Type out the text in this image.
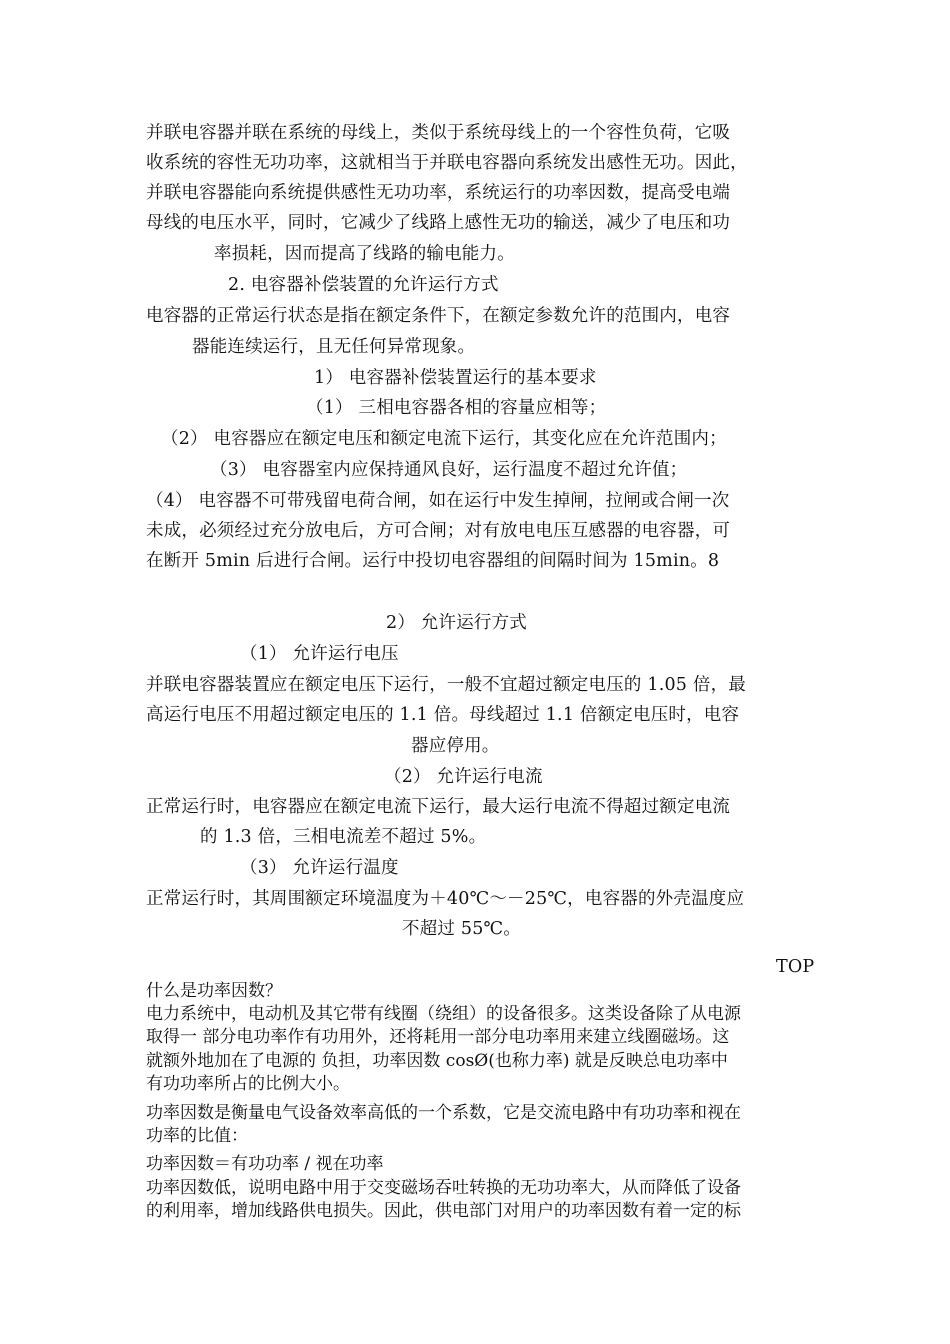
并联电容器并联在系统的母线上，类似于系统母线上的一个容性负荷，它吸
收系统的容性无功功率，这就相当于并联电容器向系统发出感性无功。因此，
并联电容器能向系统提供感性无功功率，系统运行的功率因数，提高受电端
母线的电压水平，同时，它减少了线路上感性无功的输送，减少了电压和功
率损耗，因而提高了线路的输电能力。
2. 电容器补偿装置的允许运行方式
电容器的正常运行状态是指在额定条件下，在额定参数允许的范围内，电容
器能连续运行，且无任何异常现象。
1） 电容器补偿装置运行的基本要求
（1） 三相电容器各相的容量应相等；
（2） 电容器应在额定电压和额定电流下运行，其变化应在允许范围内；
（3） 电容器室内应保持通风良好，运行温度不超过允许值；
（4） 电容器不可带残留电荷合闸，如在运行中发生掉闸，拉闸或合闸一次
未成，必须经过充分放电后，方可合闸；对有放电电压互感器的电容器，可
在断开 5min 后进行合闸。运行中投切电容器组的间隔时间为 15min。8
2） 允许运行方式
（1） 允许运行电压
并联电容器装置应在额定电压下运行，一般不宜超过额定电压的 1.05 倍，最
高运行电压不用超过额定电压的 1.1 倍。母线超过 1.1 倍额定电压时，电容
器应停用。
（2） 允许运行电流
正常运行时，电容器应在额定电流下运行，最大运行电流不得超过额定电流
的 1.3 倍，三相电流差不超过 5%。
（3） 允许运行温度
正常运行时，其周围额定环境温度为＋40℃～－25℃，电容器的外壳温度应
不超过 55℃。
TOP
什么是功率因数？
电力系统中，电动机及其它带有线圈（绕组）的设备很多。这类设备除了从电源
取得一 部分电功率作有功用外，还将耗用一部分电功率用来建立线圈磁场。这
就额外地加在了电源的 负担，功率因数 cosØ(也称力率) 就是反映总电功率中
有功功率所占的比例大小。
功率因数是衡量电气设备效率高低的一个系数，它是交流电路中有功功率和视在
功率的比值：
功率因数＝有功功率 / 视在功率
功率因数低，说明电路中用于交变磁场吞吐转换的无功功率大，从而降低了设备
的利用率，增加线路供电损失。因此，供电部门对用户的功率因数有着一定的标
